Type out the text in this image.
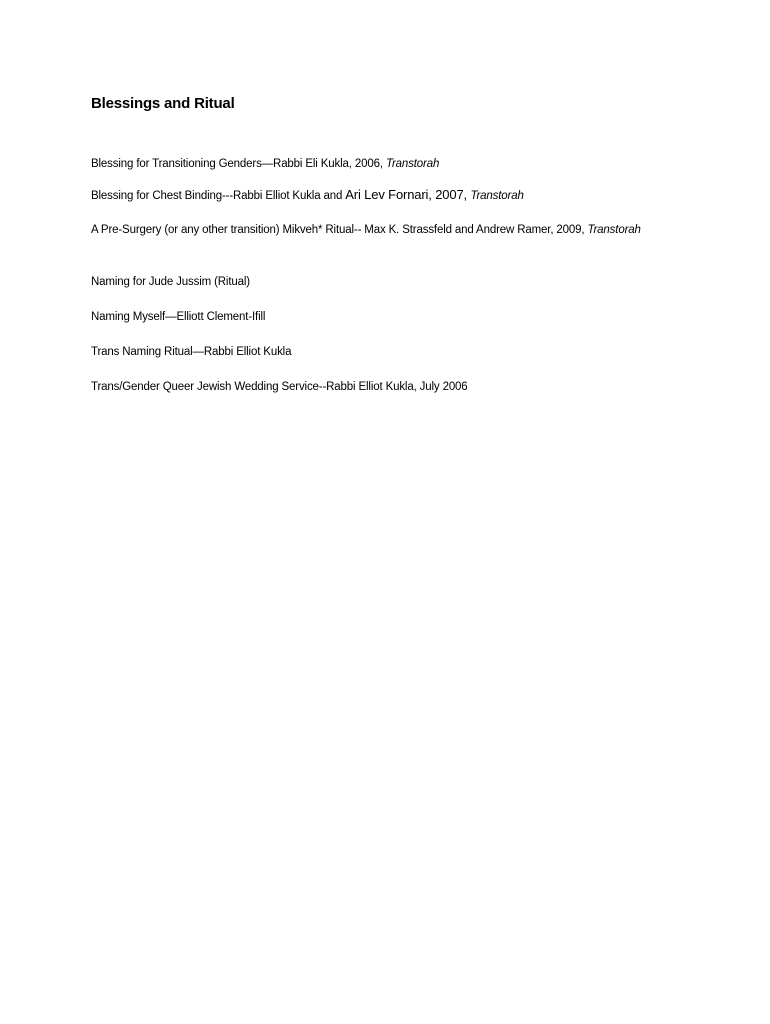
Blessings and Ritual

Blessing for Transitioning Genders—Rabbi Eli Kukla, 2006, Transtorah

Blessing for Chest Binding---Rabbi Elliot Kukla and Ari Lev Fornari, 2007, Transtorah

A Pre-Surgery (or any other transition) Mikveh* Ritual-- Max K. Strassfeld and Andrew Ramer, 2009, Transtorah

Naming for Jude Jussim (Ritual)

Naming Myself—Elliott Clement-Ifill

Trans Naming Ritual—Rabbi Elliot Kukla

Trans/Gender Queer Jewish Wedding Service--Rabbi Elliot Kukla, July 2006
